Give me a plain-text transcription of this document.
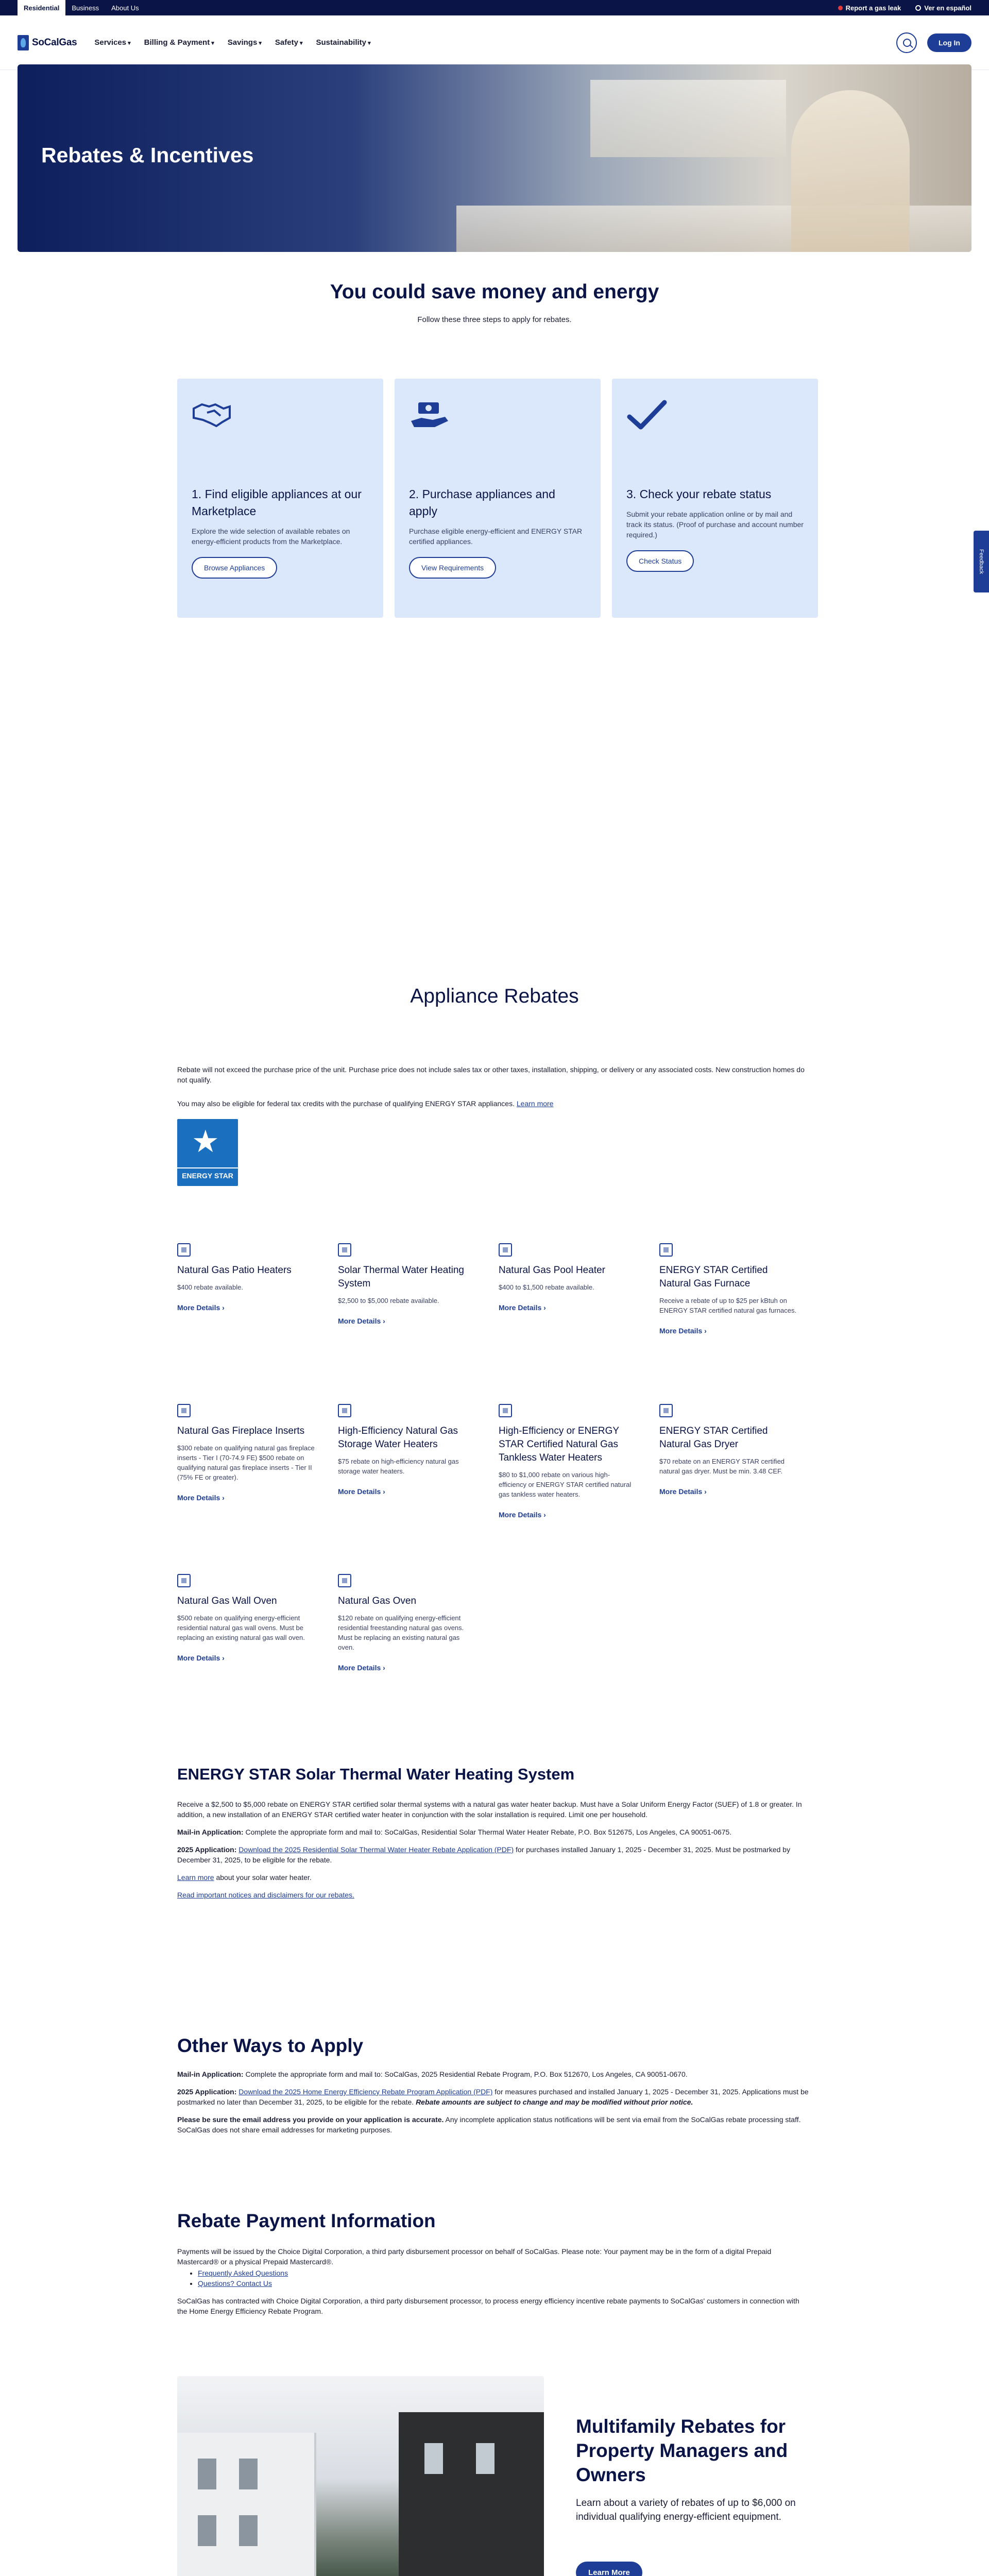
Residential	Business	About Us	Report a gas leak	Ver en español
SoCalGas Services ▾	Billing & Payment ▾	Savings ▾	Safety ▾	Sustainability ▾	Log In
Rebates & Incentives
You could save money and energy
Follow these three steps to apply for rebates.
1. Find eligible appliances at our Marketplace

Explore the wide selection of available rebates on energy-efficient products from the Marketplace.

Browse Appliances
2. Purchase appliances and apply

Purchase eligible energy-efficient and ENERGY STAR certified appliances.

View Requirements
3. Check your rebate status

Submit your rebate application online or by mail and track its status. (Proof of purchase and account number required.)

Check Status	Feedback
Appliance Rebates

Rebate will not exceed the purchase price of the unit. Purchase price does not include sales tax or other taxes, installation, shipping, or delivery or any associated costs. New construction homes do not qualify.

You may also be eligible for federal tax credits with the purchase of qualifying ENERGY STAR appliances. Learn more

★
ENERGY STAR
Natural Gas Patio Heaters

$400 rebate available.

More Details ›
Solar Thermal Water Heating System

$2,500 to $5,000 rebate available.

More Details ›
Natural Gas Pool Heater

$400 to $1,500 rebate available.

More Details ›
ENERGY STAR Certified Natural Gas Furnace

Receive a rebate of up to $25 per kBtuh on ENERGY STAR certified natural gas furnaces.

More Details ›
Natural Gas Fireplace Inserts

$300 rebate on qualifying natural gas fireplace inserts - Tier I (70-74.9 FE) $500 rebate on qualifying natural gas fireplace inserts - Tier II (75% FE or greater).

More Details ›
High-Efficiency Natural Gas Storage Water Heaters

$75 rebate on high-efficiency natural gas storage water heaters.

More Details ›
High-Efficiency or ENERGY STAR Certified Natural Gas Tankless Water Heaters

$80 to $1,000 rebate on various high-efficiency or ENERGY STAR certified natural gas tankless water heaters.

More Details ›
ENERGY STAR Certified Natural Gas Dryer

$70 rebate on an ENERGY STAR certified natural gas dryer. Must be min. 3.48 CEF.

More Details ›
Natural Gas Wall Oven

$500 rebate on qualifying energy-efficient residential natural gas wall ovens. Must be replacing an existing natural gas wall oven.

More Details ›
Natural Gas Oven

$120 rebate on qualifying energy-efficient residential freestanding natural gas ovens. Must be replacing an existing natural gas oven.

More Details ›
ENERGY STAR Solar Thermal Water Heating System

Receive a $2,500 to $5,000 rebate on ENERGY STAR certified solar thermal systems with a natural gas water heater backup. Must have a Solar Uniform Energy Factor (SUEF) of 1.8 or greater. In addition, a new installation of an ENERGY STAR certified water heater in conjunction with the solar installation is required. Limit one per household.

Mail-in Application: Complete the appropriate form and mail to: SoCalGas, Residential Solar Thermal Water Heater Rebate, P.O. Box 512675, Los Angeles, CA 90051-0675.

2025 Application: Download the 2025 Residential Solar Thermal Water Heater Rebate Application (PDF) for purchases installed January 1, 2025 - December 31, 2025. Must be postmarked by December 31, 2025, to be eligible for the rebate.

Learn more about your solar water heater.

Read important notices and disclaimers for our rebates.

Other Ways to Apply

Mail-in Application: Complete the appropriate form and mail to: SoCalGas, 2025 Residential Rebate Program, P.O. Box 512670, Los Angeles, CA 90051-0670.

2025 Application: Download the 2025 Home Energy Efficiency Rebate Program Application (PDF) for measures purchased and installed January 1, 2025 - December 31, 2025. Applications must be postmarked no later than December 31, 2025, to be eligible for the rebate. Rebate amounts are subject to change and may be modified without prior notice.

Please be sure the email address you provide on your application is accurate. Any incomplete application status notifications will be sent via email from the SoCalGas rebate processing staff. SoCalGas does not share email addresses for marketing purposes.

Rebate Payment Information

Payments will be issued by the Choice Digital Corporation, a third party disbursement processor on behalf of SoCalGas. Please note: Your payment may be in the form of a digital Prepaid Mastercard® or a physical Prepaid Mastercard®.

• Frequently Asked Questions
• Questions? Contact Us

SoCalGas has contracted with Choice Digital Corporation, a third party disbursement processor, to process energy efficiency incentive rebate payments to SoCalGas' customers in connection with the Home Energy Efficiency Rebate Program.

Multifamily Rebates for Property Managers and Owners
Learn about a variety of rebates of up to $6,000 on individual qualifying energy-efficient equipment.
Learn More
